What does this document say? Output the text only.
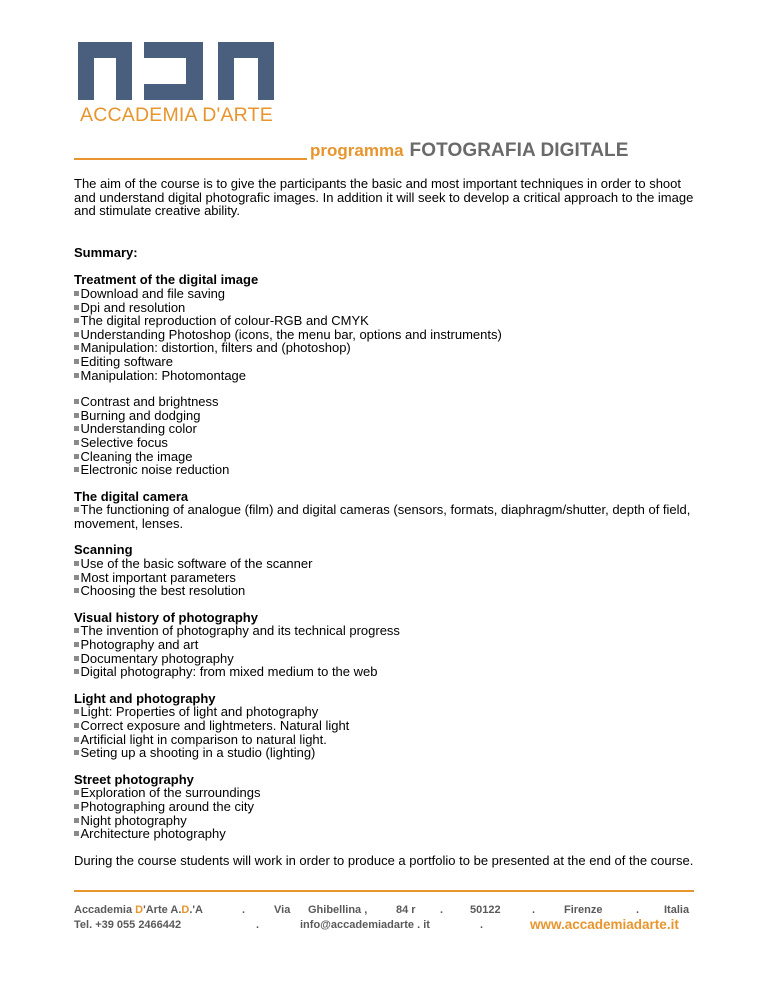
ACCADEMIA D'ARTE
programma FOTOGRAFIA DIGITALE

The aim of the course is to give the participants the basic and most important techniques in order to shoot and understand digital photografic images. In addition it will seek to develop a critical approach to the image and stimulate creative ability.

Summary:
Treatment of the digital image
Download and file saving
Dpi and resolution
The digital reproduction of colour-RGB and CMYK
Understanding Photoshop (icons, the menu bar, options and instruments)
Manipulation: distortion, filters and (photoshop)
Editing software
Manipulation: Photomontage
Contrast and brightness
Burning and dodging
Understanding color
Selective focus
Cleaning the image
Electronic noise reduction
The digital camera
The functioning of analogue (film) and digital cameras (sensors, formats, diaphragm/shutter, depth of field, movement, lenses.
Scanning
Use of the basic software of the scanner
Most important parameters
Choosing the best resolution
Visual history of photography
The invention of photography and its technical progress
Photography and art
Documentary photography
Digital photography: from mixed medium to the web
Light and photography
Light: Properties of light and photography
Correct exposure and lightmeters. Natural light
Artificial light in comparison to natural light.
Seting up a shooting in a studio (lighting)
Street photography
Exploration of the surroundings
Photographing around the city
Night photography
Architecture photography

During the course students will work in order to produce a portfolio to be presented at the end of the course.

Accademia D'Arte A.D.'A	.	Via Ghibellina ,	84 r . 50122	.	Firenze	. Italia
Tel. +39 055 2466442	.	info@accademiadarte . it	.	www.accademiadarte.it
